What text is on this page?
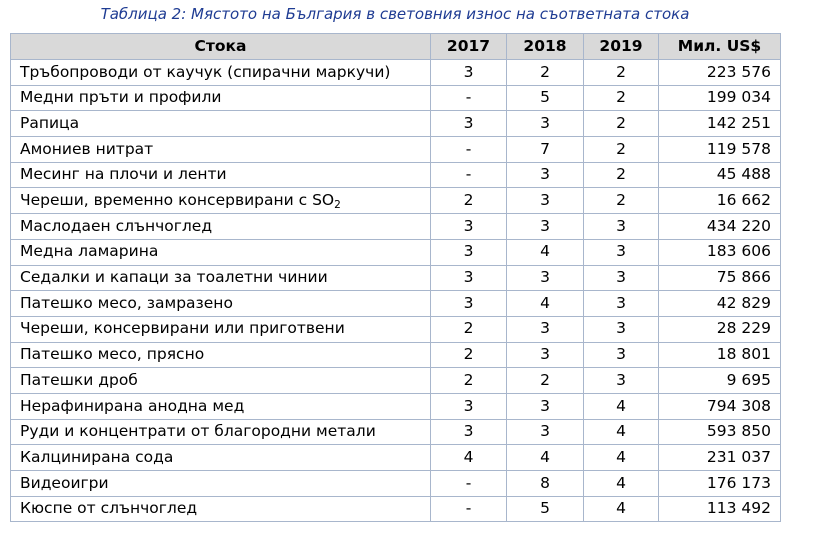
Таблица 2: Мястото на България в световния износ на съответната стока
Стока	2017	2018	2019	Мил. US$
Тръбопроводи от каучук (спирачни маркучи)	3	2	2	223 576
Медни пръти и профили	-	5	2	199 034
Рапица	3	3	2	142 251
Амониев нитрат	-	7	2	119 578
Месинг на плочи и ленти	-	3	2	45 488
Череши, временно консервирани с $SO_2$	2	3	2	16 662
Маслодаен слънчоглед	3	3	3	434 220
Медна ламарина	3	4	3	183 606
Седалки и капаци за тоалетни чинии	3	3	3	75 866
Патешко месо, замразено	3	4	3	42 829
Череши, консервирани или приготвени	2	3	3	28 229
Патешко месо, прясно	2	3	3	18 801
Патешки дроб	2	2	3	9 695
Нерафинирана анодна мед	3	3	4	794 308
Руди и концентрати от благородни метали	3	3	4	593 850
Калцинирана сода	4	4	4	231 037
Видеоигри	-	8	4	176 173
Кюспе от слънчоглед	-	5	4	113 492
